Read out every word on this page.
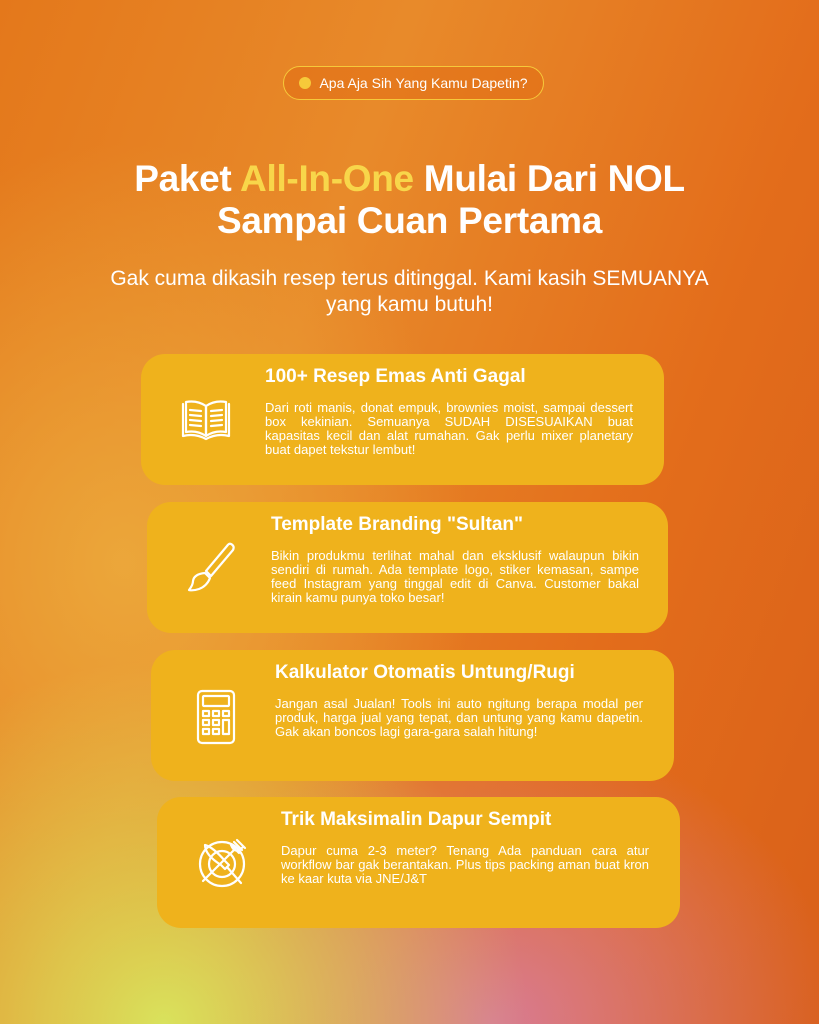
Apa Aja Sih Yang Kamu Dapetin?
Paket All-In-One Mulai Dari NOL
Sampai Cuan Pertama
Gak cuma dikasih resep terus ditinggal. Kami kasih SEMUANYA yang kamu butuh!
100+ Resep Emas Anti Gagal

Dari roti manis, donat empuk, brownies moist, sampai dessert box kekinian. Semuanya SUDAH DISESUAIKAN buat kapasitas kecil dan alat rumahan. Gak perlu mixer planetary buat dapet tekstur lembut!

Template Branding "Sultan"

Bikin produkmu terlihat mahal dan eksklusif walaupun bikin sendiri di rumah. Ada template logo, stiker kemasan, sampe feed Instagram yang tinggal edit di Canva. Customer bakal kirain kamu punya toko besar!

Kalkulator Otomatis Untung/Rugi

Jangan asal Jualan! Tools ini auto ngitung berapa modal per produk, harga jual yang tepat, dan untung yang kamu dapetin. Gak akan boncos lagi gara-gara salah hitung!

Trik Maksimalin Dapur Sempit

Dapur cuma 2-3 meter? Tenang Ada panduan cara atur workflow bar gak berantakan. Plus tips packing aman buat kron ke kaar kuta via JNE/J&T
